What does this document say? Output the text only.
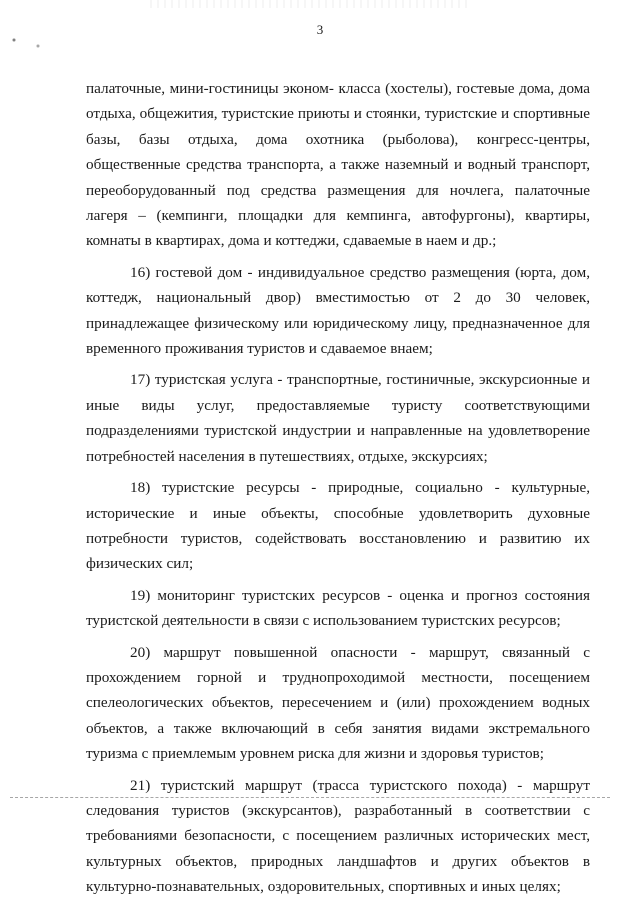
3

палаточные, мини-гостиницы эконом- класса (хостелы), гостевые дома, дома
отдыха, общежития, туристские приюты и стоянки, туристские и спортивные
базы, базы отдыха, дома охотника (рыболова), конгресс-центры,
общественные средства транспорта, а также наземный и водный транспорт,
переоборудованный под средства размещения для ночлега, палаточные
лагеря – (кемпинги, площадки для кемпинга, автофургоны), квартиры,
комнаты в квартирах, дома и коттеджи, сдаваемые в наем и др.;

16) гостевой дом - индивидуальное средство размещения (юрта, дом,
коттедж, национальный двор) вместимостью от 2 до 30 человек,
принадлежащее физическому или юридическому лицу, предназначенное для
временного проживания туристов и сдаваемое внаем;

17) туристская услуга - транспортные, гостиничные, экскурсионные и
иные виды услуг, предоставляемые туристу соответствующими
подразделениями туристской индустрии и направленные на удовлетворение
потребностей населения в путешествиях, отдыхе, экскурсиях;

18) туристские ресурсы - природные, социально - культурные,
исторические и иные объекты, способные удовлетворить духовные
потребности туристов, содействовать восстановлению и развитию их
физических сил;

19) мониторинг туристских ресурсов - оценка и прогноз состояния
туристской деятельности в связи с использованием туристских ресурсов;

20) маршрут повышенной опасности - маршрут, связанный с
прохождением горной и труднопроходимой местности, посещением
спелеологических объектов, пересечением и (или) прохождением водных
объектов, а также включающий в себя занятия видами экстремального
туризма с приемлемым уровнем риска для жизни и здоровья туристов;

21) туристский маршрут (трасса туристского похода) - маршрут
следования туристов (экскурсантов), разработанный в соответствии с
требованиями безопасности, с посещением различных исторических мест,
культурных объектов, природных ландшафтов и других объектов в
культурно-познавательных, оздоровительных, спортивных и иных целях;
